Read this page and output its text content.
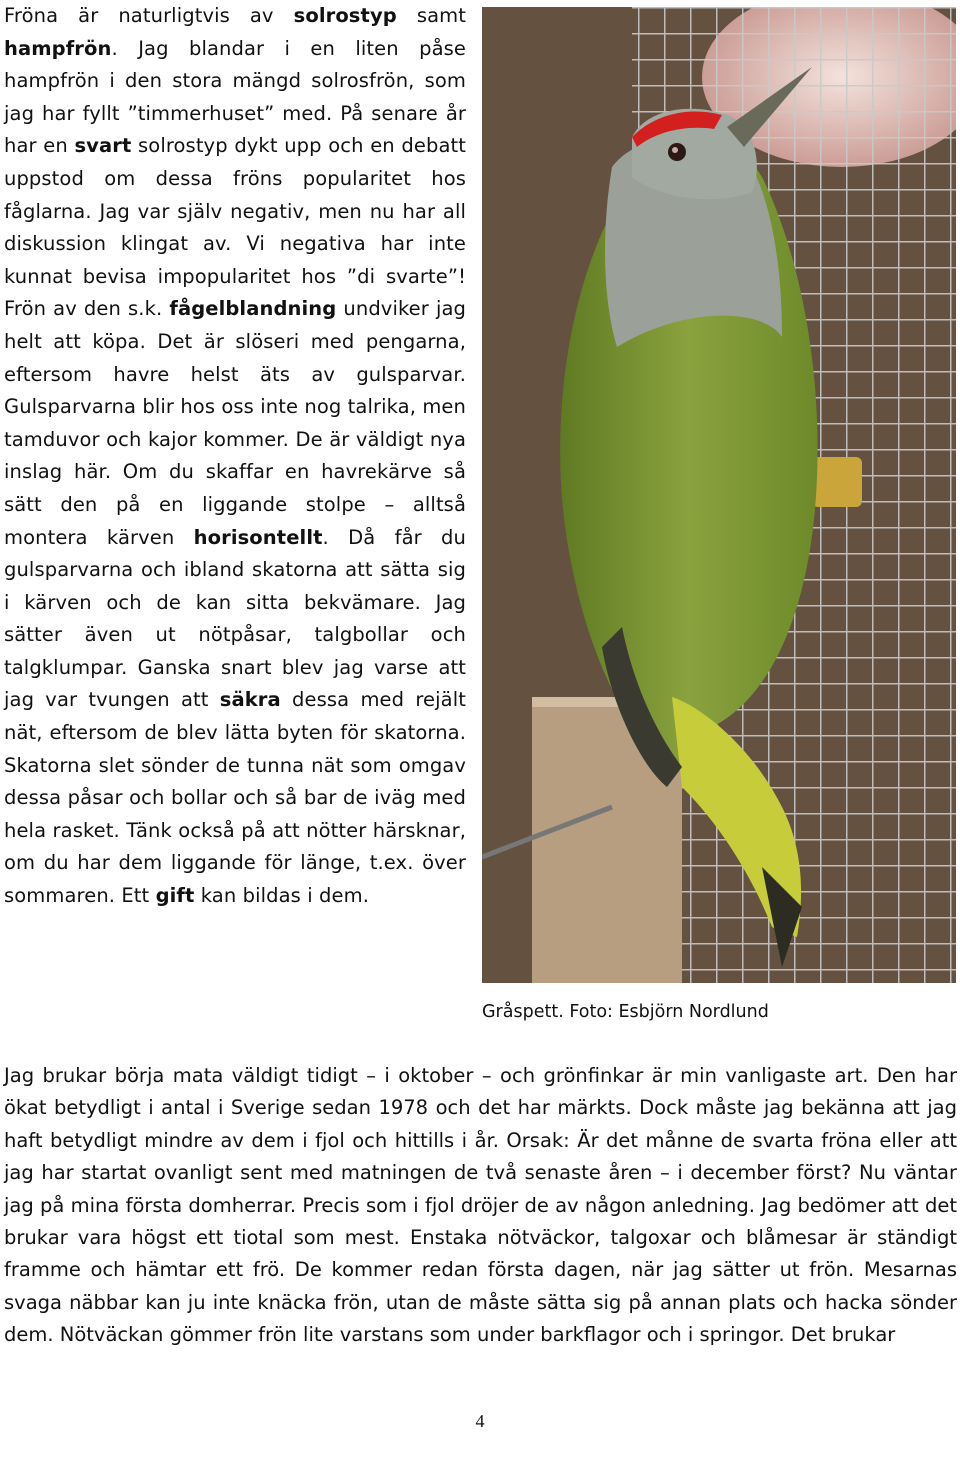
Fröna är naturligtvis av solrostyp samt hampfrön. Jag blandar i en liten påse hampfrön i den stora mängd solrosfrön, som jag har fyllt ”timmerhuset” med. På senare år har en svart solrostyp dykt upp och en debatt uppstod om dessa fröns popularitet hos fåglarna. Jag var själv negativ, men nu har all diskussion klingat av. Vi negativa har inte kunnat bevisa impopularitet hos ”di svarte”! Frön av den s.k. fågelblandning undviker jag helt att köpa. Det är slöseri med pengarna, eftersom havre helst äts av gulsparvar. Gulsparvarna blir hos oss inte nog talrika, men tamduvor och kajor kommer. De är väldigt nya inslag här. Om du skaffar en havrekärve så sätt den på en liggande stolpe – alltså montera kärven horisontellt. Då får du gulsparvarna och ibland skatorna att sätta sig i kärven och de kan sitta bekvämare. Jag sätter även ut nötpåsar, talgbollar och talgklumpar. Ganska snart blev jag varse att jag var tvungen att säkra dessa med rejält nät, eftersom de blev lätta byten för skatorna. Skatorna slet sönder de tunna nät som omgav dessa påsar och bollar och så bar de iväg med hela rasket. Tänk också på att nötter härsknar, om du har dem liggande för länge, t.ex. över sommaren. Ett gift kan bildas i dem.
Gråspett. Foto: Esbjörn Nordlund

Jag brukar börja mata väldigt tidigt – i oktober – och grönfinkar är min vanligaste art. Den har ökat betydligt i antal i Sverige sedan 1978 och det har märkts. Dock måste jag bekänna att jag haft betydligt mindre av dem i fjol och hittills i år. Orsak: Är det månne de svarta fröna eller att jag har startat ovanligt sent med matningen de två senaste åren – i december först? Nu väntar jag på mina första domherrar. Precis som i fjol dröjer de av någon anledning. Jag bedömer att det brukar vara högst ett tiotal som mest. Enstaka nötväckor, talgoxar och blåmesar är ständigt framme och hämtar ett frö. De kommer redan första dagen, när jag sätter ut frön. Mesarnas svaga näbbar kan ju inte knäcka frön, utan de måste sätta sig på annan plats och hacka sönder dem. Nötväckan gömmer frön lite varstans som under barkflagor och i springor. Det brukar

4
